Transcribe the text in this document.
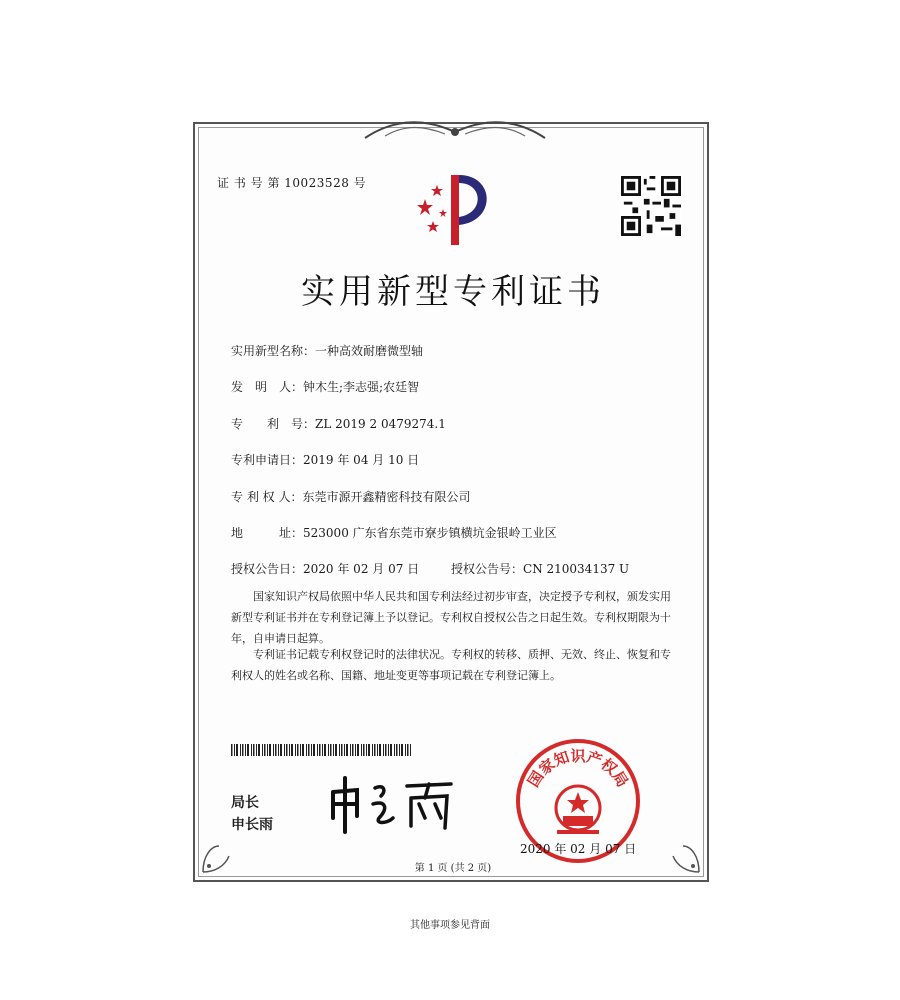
证 书 号 第 10023528 号
实用新型专利证书
实用新型名称：一种高效耐磨微型轴
发　明　人：钟木生;李志强;农廷智
专　　利　号：ZL 2019 2 0479274.1
专利申请日：2019 年 04 月 10 日
专 利 权 人：东莞市源开鑫精密科技有限公司
地　　　址：523000 广东省东莞市寮步镇横坑金银岭工业区
授权公告日：2020 年 02 月 07 日	授权公告号：CN 210034137 U
国家知识产权局依照中华人民共和国专利法经过初步审查，决定授予专利权，颁发实用新型专利证书并在专利登记簿上予以登记。专利权自授权公告之日起生效。专利权期限为十年，自申请日起算。
专利证书记载专利权登记时的法律状况。专利权的转移、质押、无效、终止、恢复和专利权人的姓名或名称、国籍、地址变更等事项记载在专利登记簿上。
局长
申长雨
国家知识产权局
2020 年 02 月 07 日
第 1 页 (共 2 页)
其他事项参见背面
